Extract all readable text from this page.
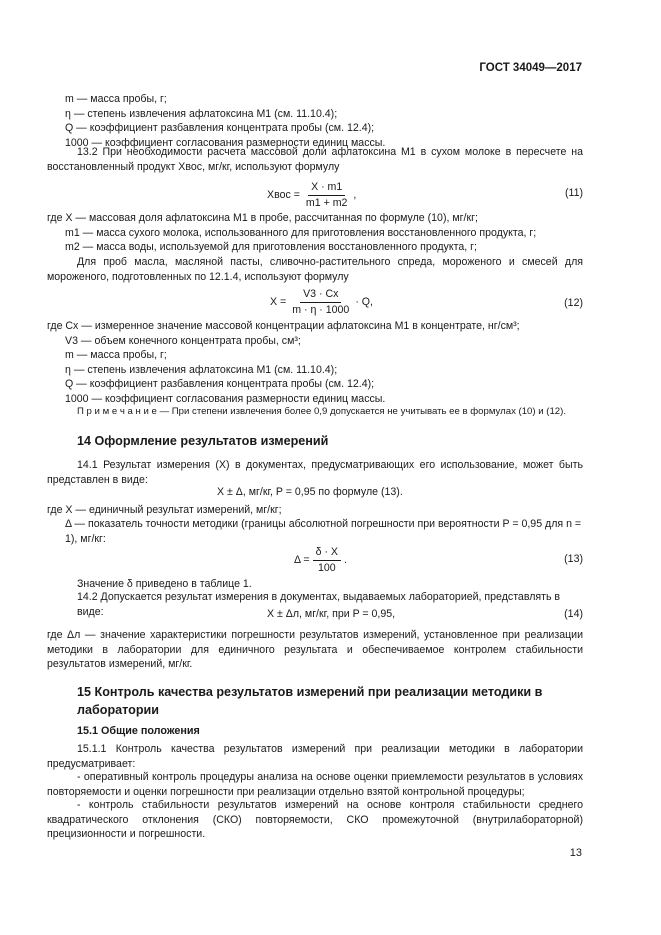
ГОСТ 34049—2017
m — масса пробы, г;
η — степень извлечения афлатоксина M1 (см. 11.10.4);
Q — коэффициент разбавления концентрата пробы (см. 12.4);
1000 — коэффициент согласования размерности единиц массы.
13.2 При необходимости расчета массовой доли афлатоксина M1 в сухом молоке в пересчете на восстановленный продукт Xвос, мг/кг, используют формулу
Xвос = $\frac{X \cdot m1}{m1 + m2}$ ,	(11)
где X — массовая доля афлатоксина M1 в пробе, рассчитанная по формуле (10), мг/кг;
m1 — масса сухого молока, использованного для приготовления восстановленного продукта, г;
m2 — масса воды, используемой для приготовления восстановленного продукта, г;
Для проб масла, масляной пасты, сливочно-растительного спреда, мороженого и смесей для мороженого, подготовленных по 12.1.4, используют формулу
$X = \frac{V3 \cdot Cx}{m \cdot \eta \cdot 1000} \cdot Q$,	(12)
где Cx — измеренное значение массовой концентрации афлатоксина M1 в концентрате, нг/см³;
V3 — объем конечного концентрата пробы, см³;
m — масса пробы, г;
η — степень извлечения афлатоксина M1 (см. 11.10.4);
Q — коэффициент разбавления концентрата пробы (см. 12.4);
1000 — коэффициент согласования размерности единиц массы.
П р и м е ч а н и е — При степени извлечения более 0,9 допускается не учитывать ее в формулах (10) и (12).
14 Оформление результатов измерений
14.1 Результат измерения (X) в документах, предусматривающих его использование, может быть представлен в виде:
X ± Δ, мг/кг, P = 0,95 по формуле (13).
где X — единичный результат измерений, мг/кг;
Δ — показатель точности методики (границы абсолютной погрешности при вероятности P = 0,95 для n = 1), мг/кг:
$\Delta = \frac{\delta \cdot X}{100}$ .	(13)
Значение δ приведено в таблице 1.
14.2 Допускается результат измерения в документах, выдаваемых лабораторией, представлять в виде:	X ± Δл, мг/кг, при P = 0,95,	(14)
где Δл — значение характеристики погрешности результатов измерений, установленное при реализации методики в лаборатории для единичного результата и обеспечиваемое контролем стабильности результатов измерений, мг/кг.
15 Контроль качества результатов измерений при реализации методики в лаборатории
15.1 Общие положения
15.1.1 Контроль качества результатов измерений при реализации методики в лаборатории предусматривает:
- оперативный контроль процедуры анализа на основе оценки приемлемости результатов в условиях повторяемости и оценки погрешности при реализации отдельно взятой контрольной процедуры;
- контроль стабильности результатов измерений на основе контроля стабильности среднего квадратического отклонения (СКО) повторяемости, СКО промежуточной (внутрилабораторной) прецизионности и погрешности.
13
